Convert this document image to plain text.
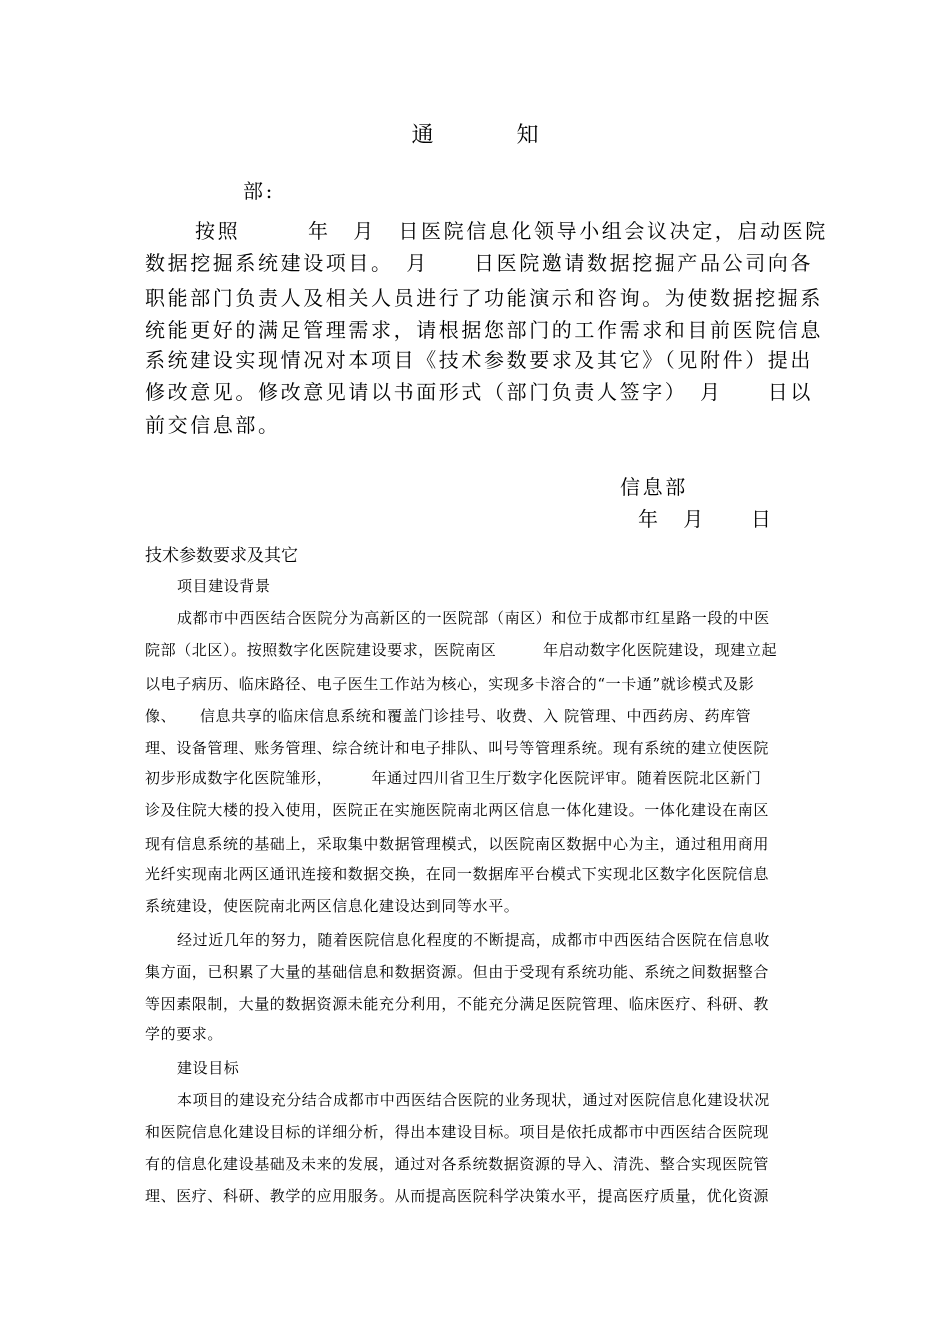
通 知
部:
按照　　　年　月　日医院信息化领导小组会议决定，启动医院
数据挖掘系统建设项目。　月　　日医院邀请数据挖掘产品公司向各
职能部门负责人及相关人员进行了功能演示和咨询。为使数据挖掘系
统能更好的满足管理需求，请根据您部门的工作需求和目前医院信息
系统建设实现情况对本项目《技术参数要求及其它》（见附件）提出
修改意见。修改意见请以书面形式（部门负责人签字）　月　　日以
前交信息部。
信息部
年　月　　日
技术参数要求及其它
项目建设背景
成都市中西医结合医院分为高新区的一医院部（南区）和位于成都市红星路一段的中医
院部（北区）。按照数字化医院建设要求，医院南区　　　年启动数字化医院建设，现建立起
以电子病历、临床路径、电子医生工作站为核心，实现多卡溶合的“一卡通”就诊模式及影
像、　　信息共享的临床信息系统和覆盖门诊挂号、收费、入 院管理、中西药房、药库管
理、设备管理、账务管理、综合统计和电子排队、叫号等管理系统。现有系统的建立使医院
初步形成数字化医院雏形，　　　年通过四川省卫生厅数字化医院评审。随着医院北区新门
诊及住院大楼的投入使用，医院正在实施医院南北两区信息一体化建设。一体化建设在南区
现有信息系统的基础上，采取集中数据管理模式，以医院南区数据中心为主，通过租用商用
光纤实现南北两区通讯连接和数据交换，在同一数据库平台模式下实现北区数字化医院信息
系统建设，使医院南北两区信息化建设达到同等水平。
经过近几年的努力，随着医院信息化程度的不断提高，成都市中西医结合医院在信息收
集方面，已积累了大量的基础信息和数据资源。但由于受现有系统功能、系统之间数据整合
等因素限制，大量的数据资源未能充分利用，不能充分满足医院管理、临床医疗、科研、教
学的要求。
建设目标
本项目的建设充分结合成都市中西医结合医院的业务现状，通过对医院信息化建设状况
和医院信息化建设目标的详细分析，得出本建设目标。项目是依托成都市中西医结合医院现
有的信息化建设基础及未来的发展，通过对各系统数据资源的导入、清洗、整合实现医院管
理、医疗、科研、教学的应用服务。从而提高医院科学决策水平，提高医疗质量，优化资源
